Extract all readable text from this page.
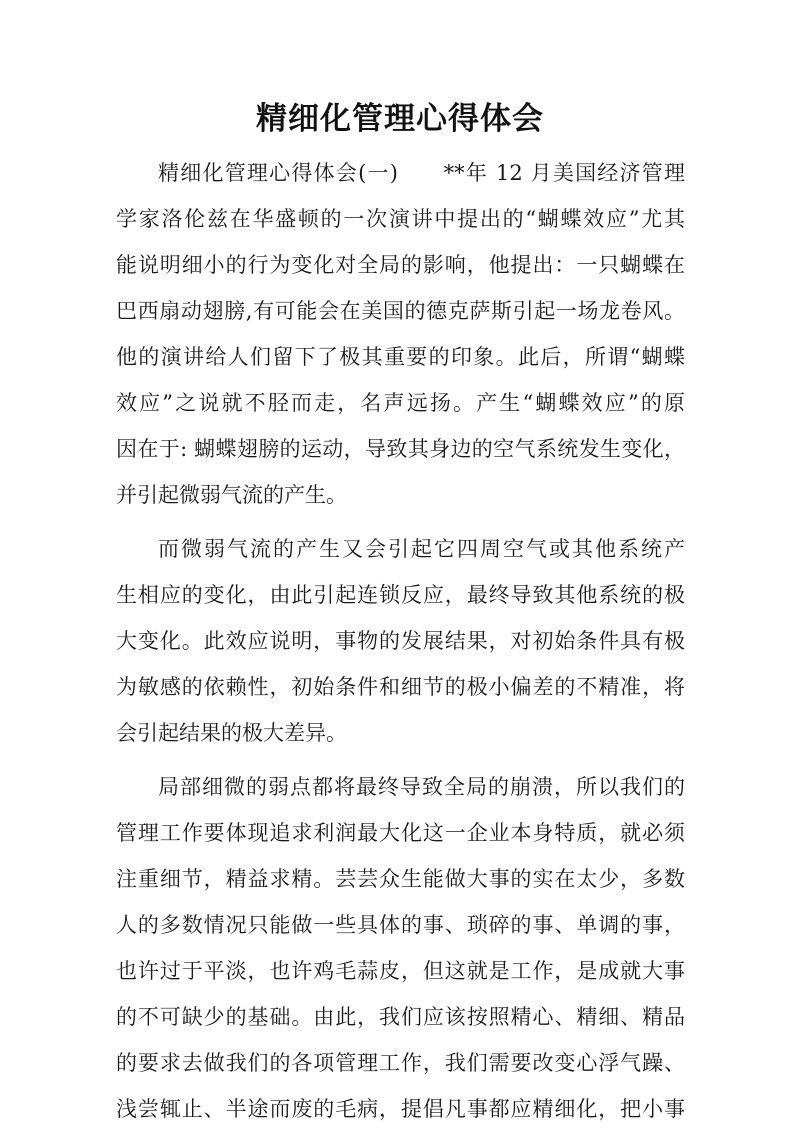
精细化管理心得体会
精细化管理心得体会(一)　　**年 12 月美国经济管理
学家洛伦兹在华盛顿的一次演讲中提出的“蝴蝶效应”尤其
能说明细小的行为变化对全局的影响，他提出：一只蝴蝶在
巴西扇动翅膀,有可能会在美国的德克萨斯引起一场龙卷风。
他的演讲给人们留下了极其重要的印象。此后，所谓“蝴蝶
效应”之说就不胫而走，名声远扬。产生“蝴蝶效应”的原
因在于: 蝴蝶翅膀的运动，导致其身边的空气系统发生变化，
并引起微弱气流的产生。
而微弱气流的产生又会引起它四周空气或其他系统产
生相应的变化，由此引起连锁反应，最终导致其他系统的极
大变化。此效应说明，事物的发展结果，对初始条件具有极
为敏感的依赖性，初始条件和细节的极小偏差的不精准，将
会引起结果的极大差异。
局部细微的弱点都将最终导致全局的崩溃，所以我们的
管理工作要体现追求利润最大化这一企业本身特质，就必须
注重细节，精益求精。芸芸众生能做大事的实在太少，多数
人的多数情况只能做一些具体的事、琐碎的事、单调的事，
也许过于平淡，也许鸡毛蒜皮，但这就是工作，是成就大事
的不可缺少的基础。由此，我们应该按照精心、精细、精品
的要求去做我们的各项管理工作，我们需要改变心浮气躁、
浅尝辄止、半途而废的毛病，提倡凡事都应精细化，把小事
